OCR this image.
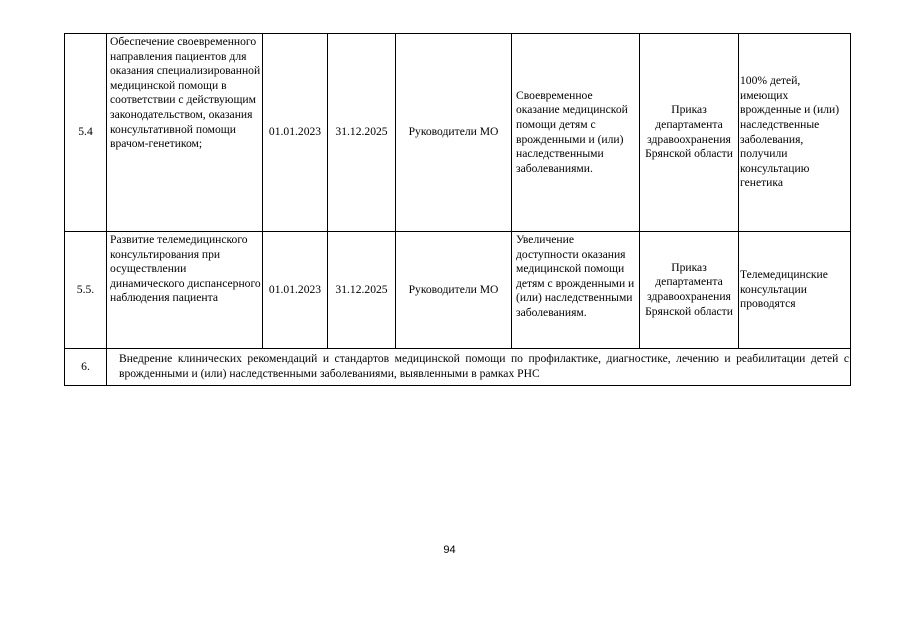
5.4	Обеспечение своевременного направления пациентов для оказания специализированной медицинской помощи в соответствии с действующим законодательством, оказания консультативной помощи врачом-генетиком;	01.01.2023	31.12.2025	Руководители МО	Своевременное оказание медицинской помощи детям с врожденными и (или) наследственными заболеваниями.	Приказ департамента здравоохранения Брянской области	100% детей, имеющих врожденные и (или) наследственные заболевания, получили консультацию генетика
5.5.	Развитие телемедицинского консультирования при осуществлении динамического диспансерного наблюдения пациента	01.01.2023	31.12.2025	Руководители МО	Увеличение доступности оказания медицинской помощи детям с врожденными и (или) наследственными заболеваниям.	Приказ департамента здравоохранения Брянской области	Телемедицинские консультации проводятся
6.	Внедрение клинических рекомендаций и стандартов медицинской помощи по профилактике, диагностике, лечению и реабилитации детей с врожденными и (или) наследственными заболеваниями, выявленными в рамках РНС						
94
